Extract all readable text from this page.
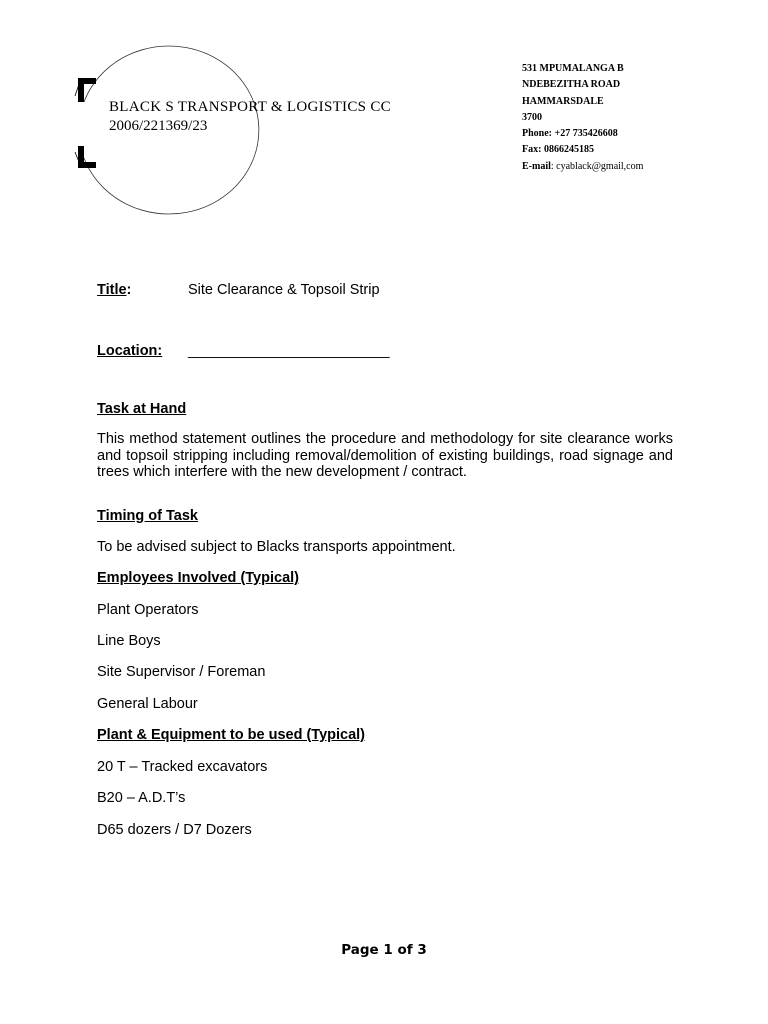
BLACK S TRANSPORT & LOGISTICS CC
2006/221369/23
531 MPUMALANGA B
NDEBEZITHA ROAD
HAMMARSDALE
3700
Phone: +27 735426608
Fax: 0866245185
E-mail: cyablack@gmail,com
Title:	Site Clearance & Topsoil Strip
Location: _________________________
Task at Hand
This method statement outlines the procedure and methodology for site clearance works and topsoil stripping including removal/demolition of existing buildings, road signage and trees which interfere with the new development / contract.
Timing of Task
To be advised subject to Blacks transports appointment.
Employees Involved (Typical)
Plant Operators
Line Boys
Site Supervisor / Foreman
General Labour
Plant & Equipment to be used (Typical)
20 T – Tracked excavators
B20 – A.D.T’s
D65 dozers / D7 Dozers
Page 1 of 3
